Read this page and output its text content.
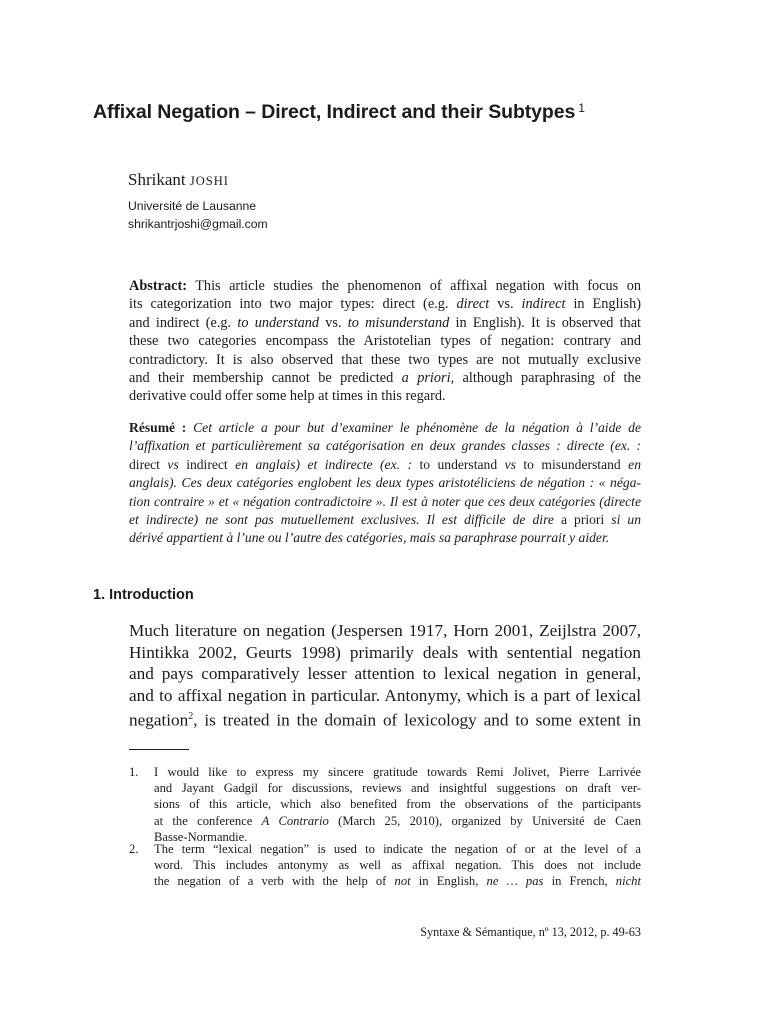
Affixal Negation – Direct, Indirect and their Subtypes $^1$
Shrikant JOSHI
Université de Lausanne
shrikantrjoshi@gmail.com
Abstract: This article studies the phenomenon of affixal negation with focus on
its categorization into two major types: direct (e.g. direct vs. indirect in English)
and indirect (e.g. to understand vs. to misunderstand in English). It is observed that
these two categories encompass the Aristotelian types of negation: contrary and
contradictory. It is also observed that these two types are not mutually exclusive
and their membership cannot be predicted a priori, although paraphrasing of the
derivative could offer some help at times in this regard.
Résumé : Cet article a pour but d’examiner le phénomène de la négation à l’aide de
l’affixation et particulièrement sa catégorisation en deux grandes classes : directe (ex. :
direct vs indirect en anglais) et indirecte (ex. : to understand vs to misunderstand en
anglais). Ces deux catégories englobent les deux types aristotéliciens de négation : « néga-
tion contraire » et « négation contradictoire ». Il est à noter que ces deux catégories (directe
et indirecte) ne sont pas mutuellement exclusives. Il est difficile de dire a priori si un
dérivé appartient à l’une ou l’autre des catégories, mais sa paraphrase pourrait y aider.
1. Introduction
Much literature on negation (Jespersen 1917, Horn 2001, Zeijlstra 2007,
Hintikka 2002, Geurts 1998) primarily deals with sentential negation
and pays comparatively lesser attention to lexical negation in general,
and to affixal negation in particular. Antonymy, which is a part of lexical
negation$^2$, is treated in the domain of lexicology and to some extent in
1. I would like to express my sincere gratitude towards Remi Jolivet, Pierre Larrivée
and Jayant Gadgil for discussions, reviews and insightful suggestions on draft ver-
sions of this article, which also benefited from the observations of the participants
at the conference A Contrario (March 25, 2010), organized by Université de Caen
Basse-Normandie.
2. The term “lexical negation” is used to indicate the negation of or at the level of a
word. This includes antonymy as well as affixal negation. This does not include
the negation of a verb with the help of not in English, ne … pas in French, nicht
Syntaxe & Sémantique, nº 13, 2012, p. 49-63
